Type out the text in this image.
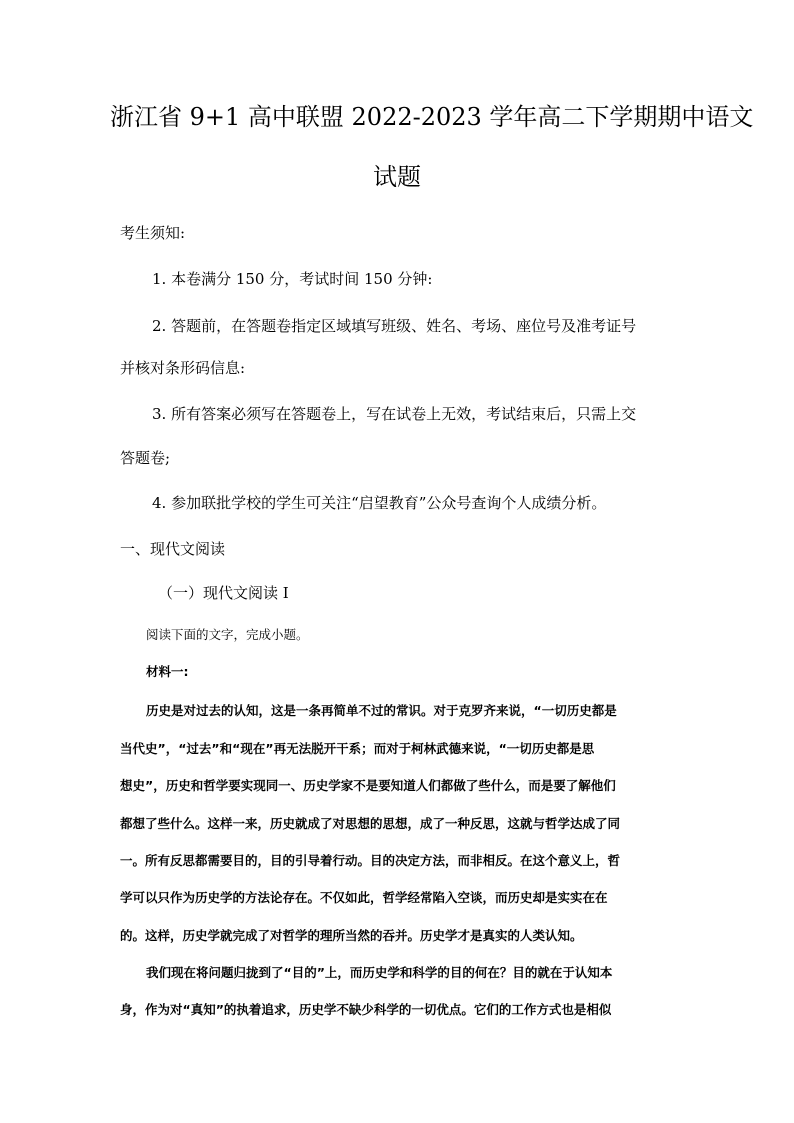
浙江省 9+1 高中联盟 2022-2023 学年高二下学期期中语文
试题
考生须知:
1. 本卷满分 150 分，考试时间 150 分钟:
2. 答题前，在答题卷指定区域填写班级、姓名、考场、座位号及准考证号
并核对条形码信息:
3. 所有答案必须写在答题卷上，写在试卷上无效，考试结束后，只需上交
答题卷;
4. 参加联批学校的学生可关注“启望教育”公众号查询个人成绩分析。
一、现代文阅读
（一）现代文阅读 I
阅读下面的文字，完成小题。
材料一:
历史是对过去的认知，这是一条再简单不过的常识。对于克罗齐来说，“一切历史都是
当代史”，“过去”和“现在”再无法脱开干系；而对于柯林武德来说，“一切历史都是思
想史”，历史和哲学要实现同一、历史学家不是要知道人们都做了些什么，而是要了解他们
都想了些什么。这样一来，历史就成了对思想的思想，成了一种反思，这就与哲学达成了同
一。所有反思都需要目的，目的引导着行动。目的决定方法，而非相反。在这个意义上，哲
学可以只作为历史学的方法论存在。不仅如此，哲学经常陷入空谈，而历史却是实实在在
的。这样，历史学就完成了对哲学的理所当然的吞并。历史学才是真实的人类认知。
我们现在将问题归拢到了“目的”上，而历史学和科学的目的何在？目的就在于认知本
身，作为对“真知”的执着追求，历史学不缺少科学的一切优点。它们的工作方式也是相似
